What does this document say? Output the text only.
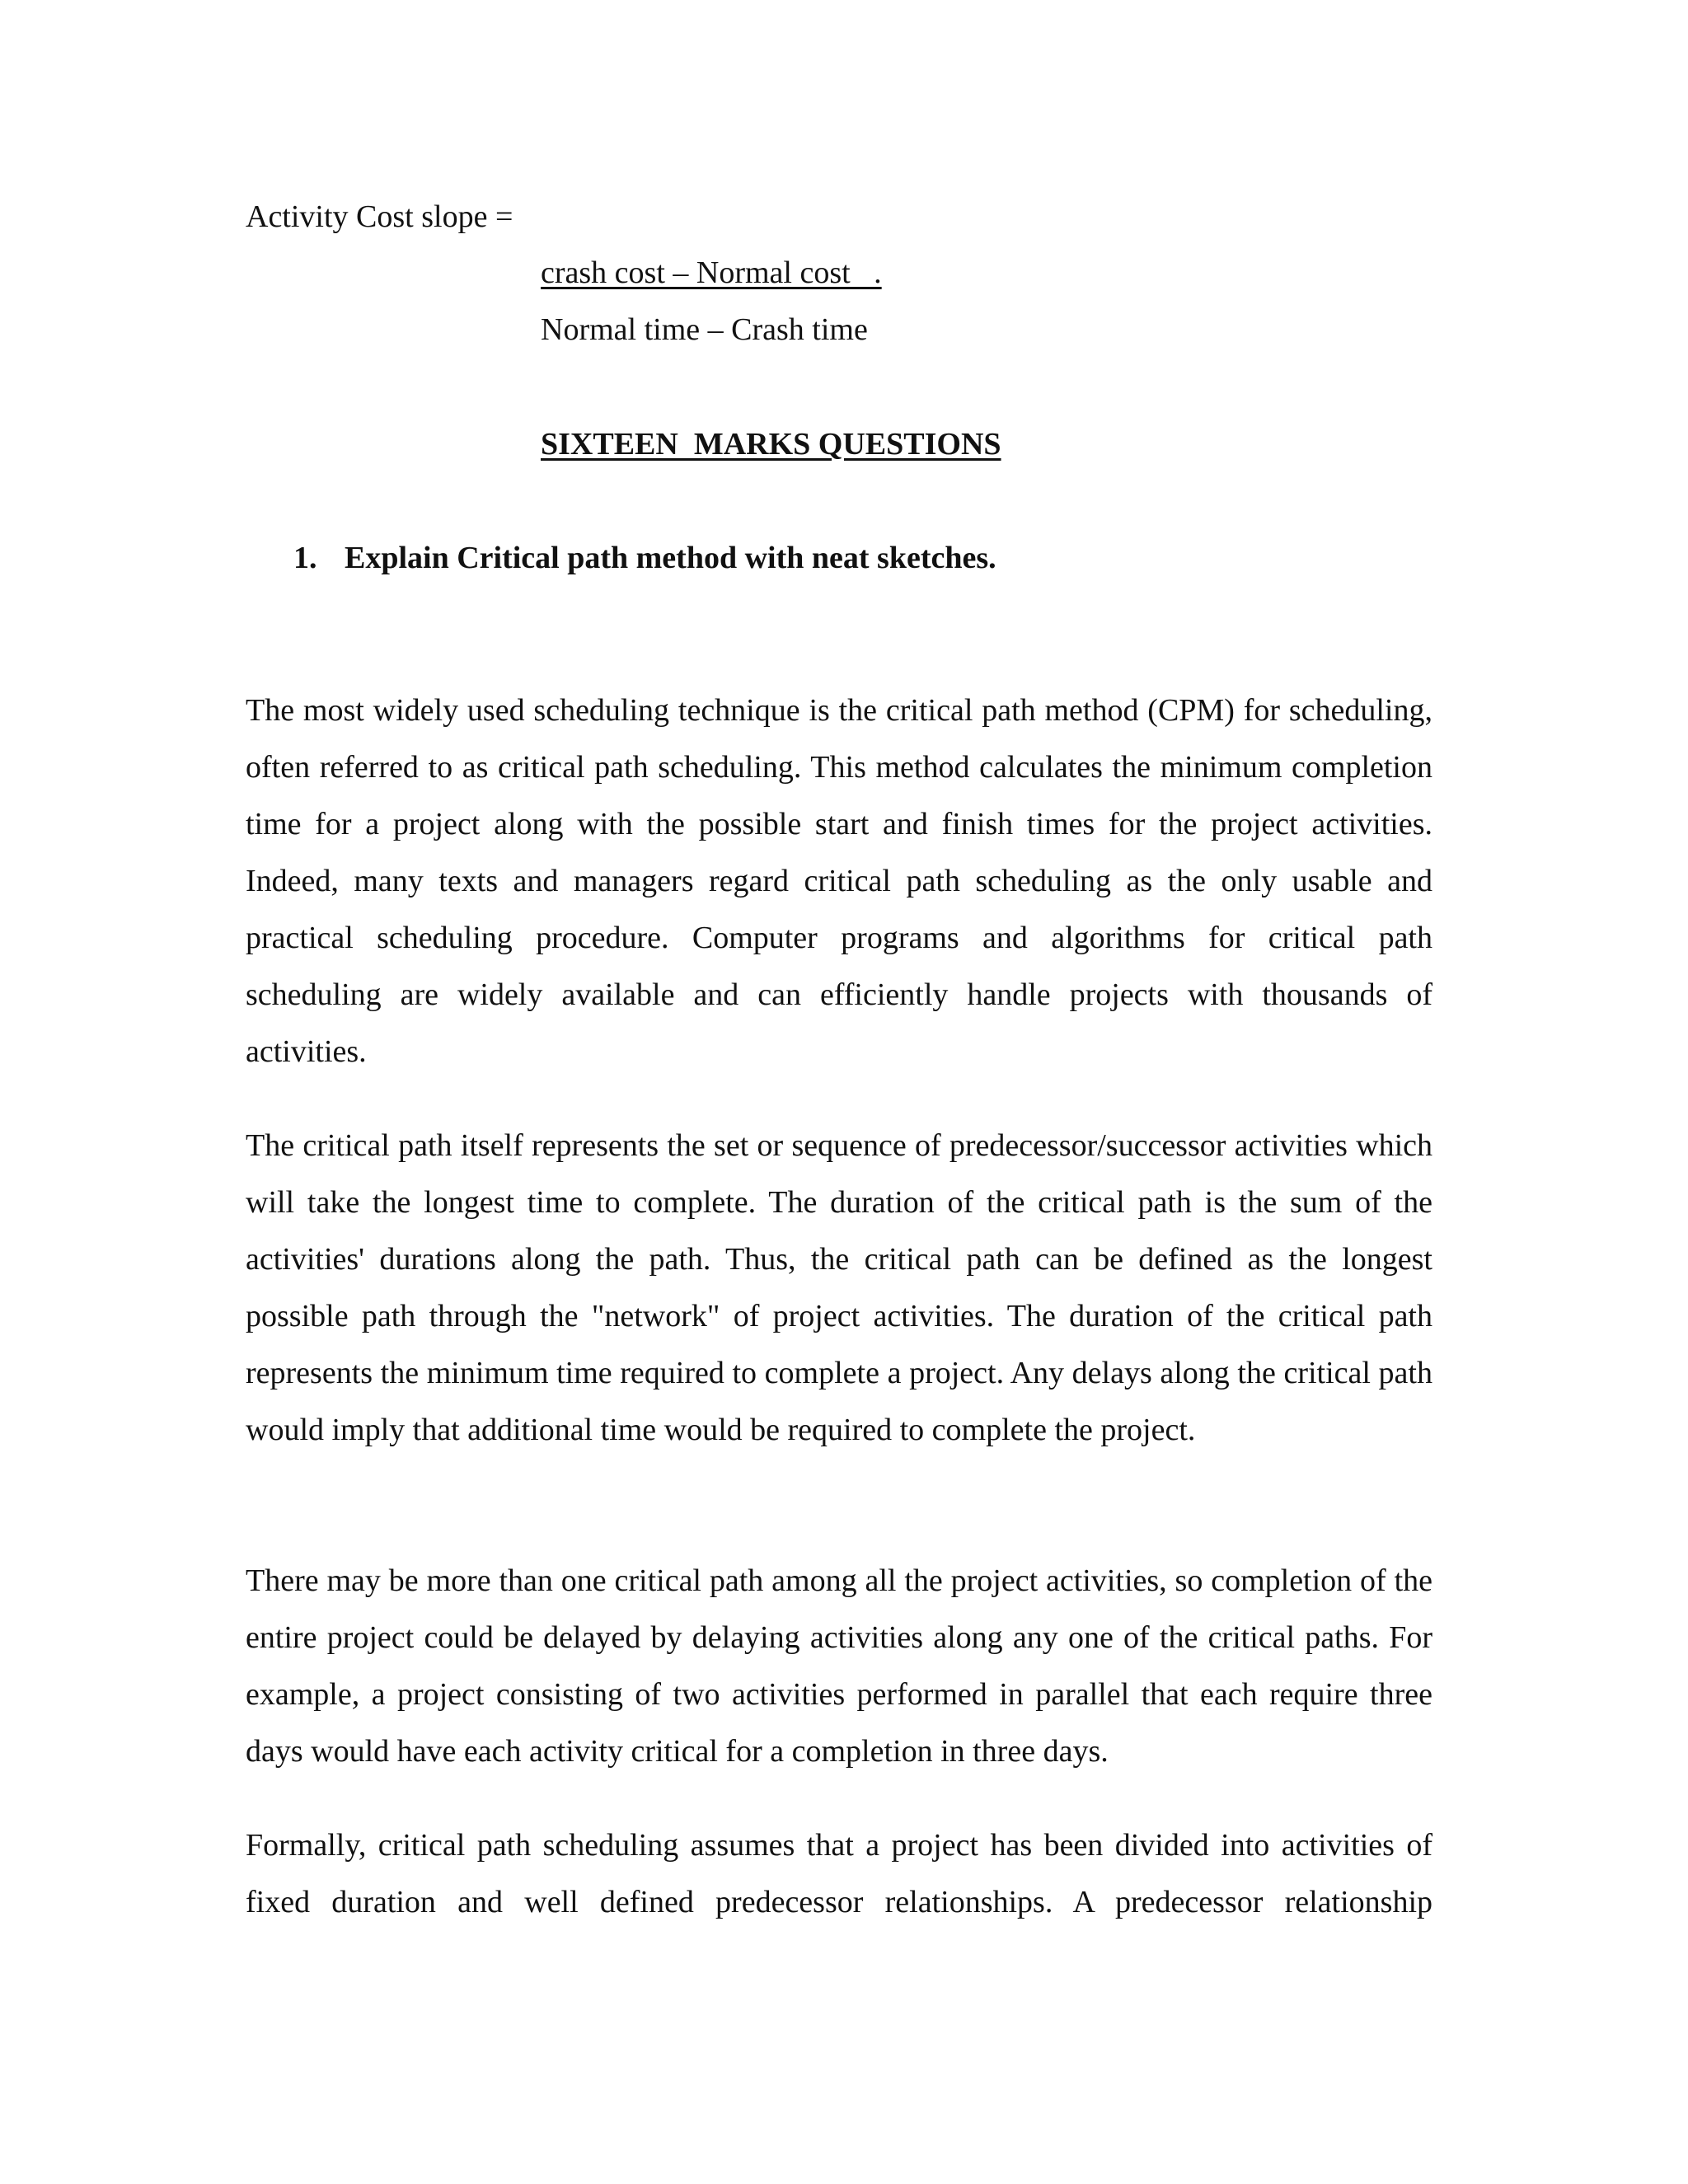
Activity Cost slope =
crash cost – Normal cost   .
Normal time – Crash time
SIXTEEN  MARKS QUESTIONS
1. Explain Critical path method with neat sketches.

The most widely used scheduling technique is the critical path method (CPM) for scheduling, often referred to as critical path scheduling. This method calculates the minimum completion time for a project along with the possible start and finish times for the project activities. Indeed, many texts and managers regard critical path scheduling as the only usable and practical scheduling procedure. Computer programs and algorithms for critical path scheduling are widely available and can efficiently handle projects with thousands of activities.

The critical path itself represents the set or sequence of predecessor/successor activities which will take the longest time to complete. The duration of the critical path is the sum of the activities' durations along the path. Thus, the critical path can be defined as the longest possible path through the "network" of project activities. The duration of the critical path represents the minimum time required to complete a project. Any delays along the critical path would imply that additional time would be required to complete the project.

There may be more than one critical path among all the project activities, so completion of the entire project could be delayed by delaying activities along any one of the critical paths. For example, a project consisting of two activities performed in parallel that each require three days would have each activity critical for a completion in three days.

Formally, critical path scheduling assumes that a project has been divided into activities of fixed duration and well defined predecessor relationships. A predecessor relationship
